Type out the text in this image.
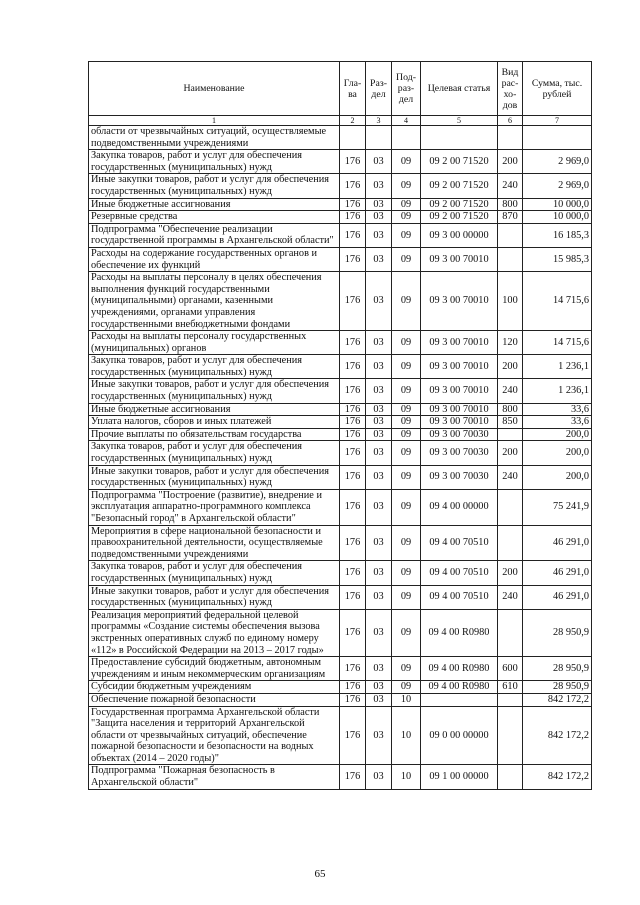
Наименование	Гла-ва	Раз-дел	Под-раз-дел	Целевая статья	Вид рас-хо-дов	Сумма, тыс. рублей
1	2	3	4	5	6	7
области от чрезвычайных ситуаций, осуществляемые подведомственными учреждениями						
Закупка товаров, работ и услуг для обеспечения государственных (муниципальных) нужд	176	03	09	09 2 00 71520	200	2 969,0
Иные закупки товаров, работ и услуг для обеспечения государственных (муниципальных) нужд	176	03	09	09 2 00 71520	240	2 969,0
Иные бюджетные ассигнования	176	03	09	09 2 00 71520	800	10 000,0
Резервные средства	176	03	09	09 2 00 71520	870	10 000,0
Подпрограмма "Обеспечение реализации государственной программы в Архангельской области"	176	03	09	09 3 00 00000		16 185,3
Расходы на содержание государственных органов и обеспечение их функций	176	03	09	09 3 00 70010		15 985,3
Расходы на выплаты персоналу в целях обеспечения выполнения функций государственными (муниципальными) органами, казенными учреждениями, органами управления государственными внебюджетными фондами	176	03	09	09 3 00 70010	100	14 715,6
Расходы на выплаты персоналу государственных (муниципальных) органов	176	03	09	09 3 00 70010	120	14 715,6
Закупка товаров, работ и услуг для обеспечения государственных (муниципальных) нужд	176	03	09	09 3 00 70010	200	1 236,1
Иные закупки товаров, работ и услуг для обеспечения государственных (муниципальных) нужд	176	03	09	09 3 00 70010	240	1 236,1
Иные бюджетные ассигнования	176	03	09	09 3 00 70010	800	33,6
Уплата налогов, сборов и иных платежей	176	03	09	09 3 00 70010	850	33,6
Прочие выплаты по обязательствам государства	176	03	09	09 3 00 70030		200,0
Закупка товаров, работ и услуг для обеспечения государственных (муниципальных) нужд	176	03	09	09 3 00 70030	200	200,0
Иные закупки товаров, работ и услуг для обеспечения государственных (муниципальных) нужд	176	03	09	09 3 00 70030	240	200,0
Подпрограмма "Построение (развитие), внедрение и эксплуатация аппаратно-программного комплекса "Безопасный город" в Архангельской области"	176	03	09	09 4 00 00000		75 241,9
Мероприятия в сфере национальной безопасности и правоохранительной деятельности, осуществляемые подведомственными учреждениями	176	03	09	09 4 00 70510		46 291,0
Закупка товаров, работ и услуг для обеспечения государственных (муниципальных) нужд	176	03	09	09 4 00 70510	200	46 291,0
Иные закупки товаров, работ и услуг для обеспечения государственных (муниципальных) нужд	176	03	09	09 4 00 70510	240	46 291,0
Реализация мероприятий федеральной целевой программы «Создание системы обеспечения вызова экстренных оперативных служб по единому номеру «112» в Российской Федерации на 2013 – 2017 годы»	176	03	09	09 4 00 R0980		28 950,9
Предоставление субсидий бюджетным, автономным учреждениям и иным некоммерческим организациям	176	03	09	09 4 00 R0980	600	28 950,9
Субсидии бюджетным учреждениям	176	03	09	09 4 00 R0980	610	28 950,9
Обеспечение пожарной безопасности	176	03	10			842 172,2
Государственная программа Архангельской области "Защита населения и территорий Архангельской области от чрезвычайных ситуаций, обеспечение пожарной безопасности и безопасности на водных объектах (2014 – 2020 годы)"	176	03	10	09 0 00 00000		842 172,2
Подпрограмма "Пожарная безопасность в Архангельской области"	176	03	10	09 1 00 00000		842 172,2
65
